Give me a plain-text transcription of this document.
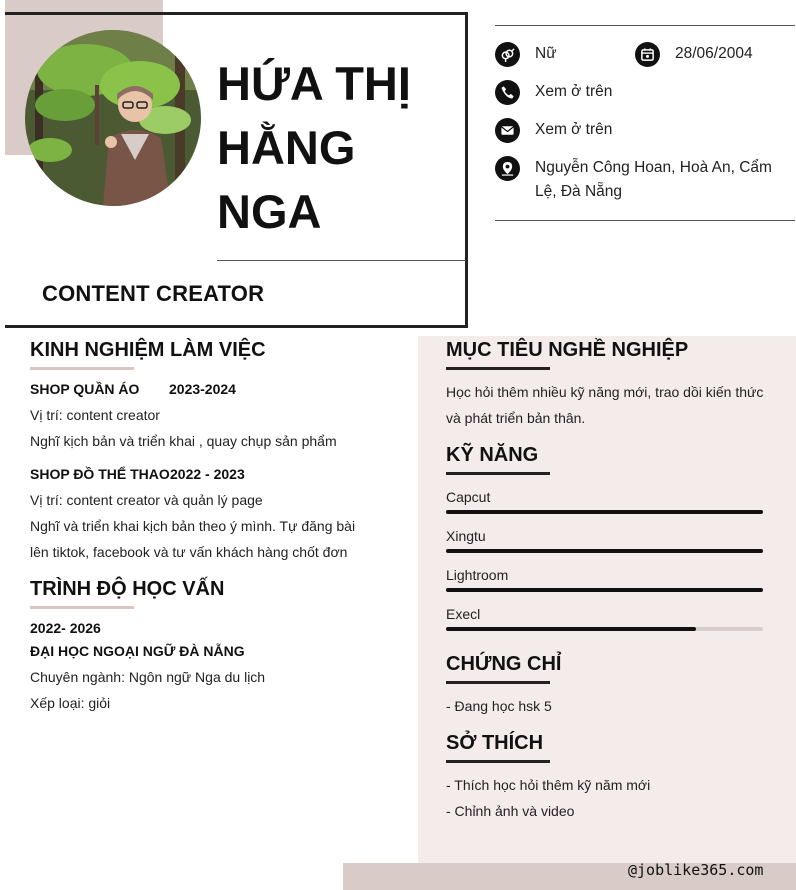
HỨA THỊ
HẰNG
NGA
CONTENT CREATOR
Nữ	28/06/2004
Xem ở trên
Xem ở trên
Nguyễn Công Hoan, Hoà An, Cẩm
Lệ, Đà Nẵng
KINH NGHIỆM LÀM VIỆC
SHOP QUẦN ÁO 2023-2024
Vị trí: content creator
Nghĩ kịch bản và triển khai , quay chụp sản phẩm
SHOP ĐỒ THỂ THAO 2022 - 2023
Vị trí: content creator và quản lý page
Nghĩ và triển khai kịch bản theo ý mình. Tự đăng bài
lên tiktok, facebook và tư vấn khách hàng chốt đơn
TRÌNH ĐỘ HỌC VẤN
2022- 2026
ĐẠI HỌC NGOẠI NGỮ ĐÀ NẴNG
Chuyên ngành: Ngôn ngữ Nga du lịch
Xếp loại: giỏi
MỤC TIÊU NGHỀ NGHIỆP
Học hỏi thêm nhiều kỹ năng mới, trao dồi kiến thức
và phát triển bản thân.
KỸ NĂNG
Capcut
Xingtu
Lightroom
Execl
CHỨNG CHỈ
- Đang học hsk 5
SỞ THÍCH
- Thích học hỏi thêm kỹ năm mới
- Chỉnh ảnh và video
@joblike365.com
